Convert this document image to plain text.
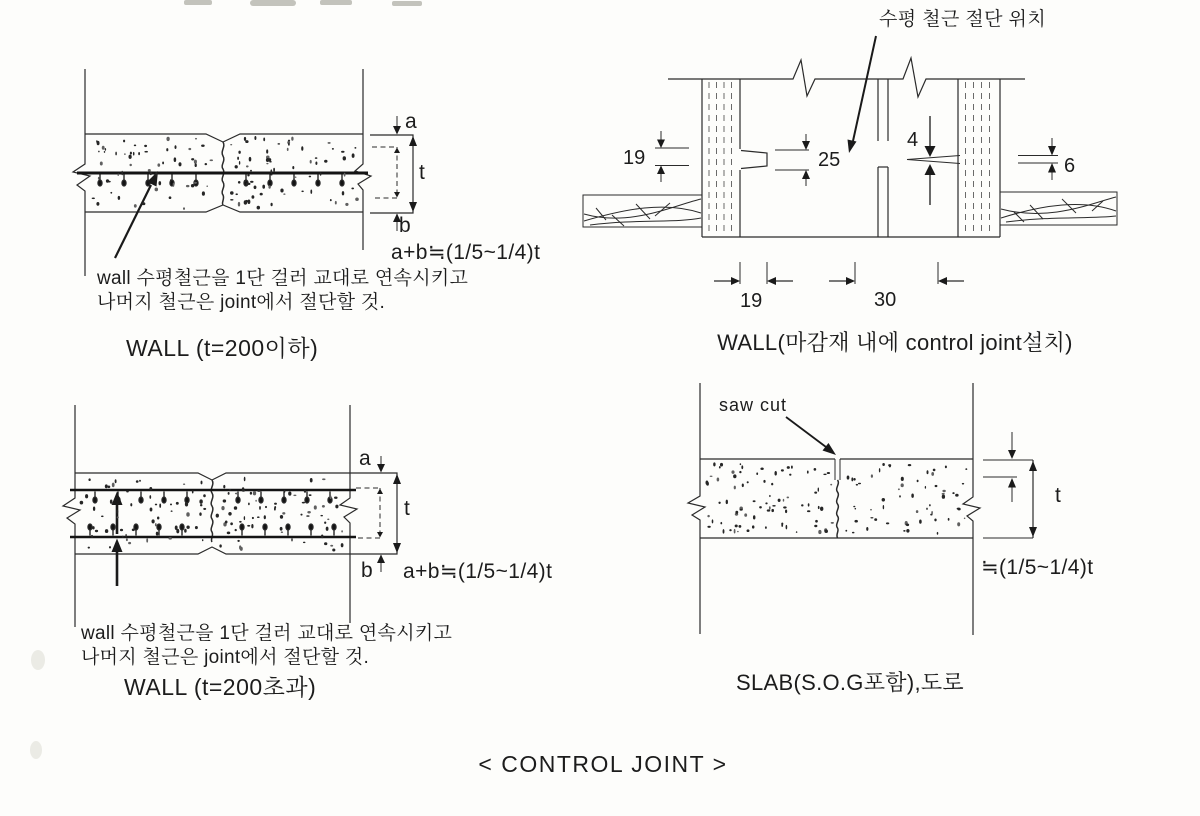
a
t
b
a+b≒(1/5~1/4)t
wall 수평철근을 1단 걸러 교대로 연속시키고
나머지 철근은 joint에서 절단할 것.
WALL (t=200이하)
수평 철근 절단 위치
19	25
4
6
19	30
WALL(마감재 내에 control joint설치)
a
t
b a+b≒(1/5~1/4)t
wall 수평철근을 1단 걸러 교대로 연속시키고
나머지 철근은 joint에서 절단할 것.
WALL (t=200초과)
saw cut
t
≒(1/5~1/4)t
SLAB(S.O.G포함),도로
< CONTROL JOINT >
